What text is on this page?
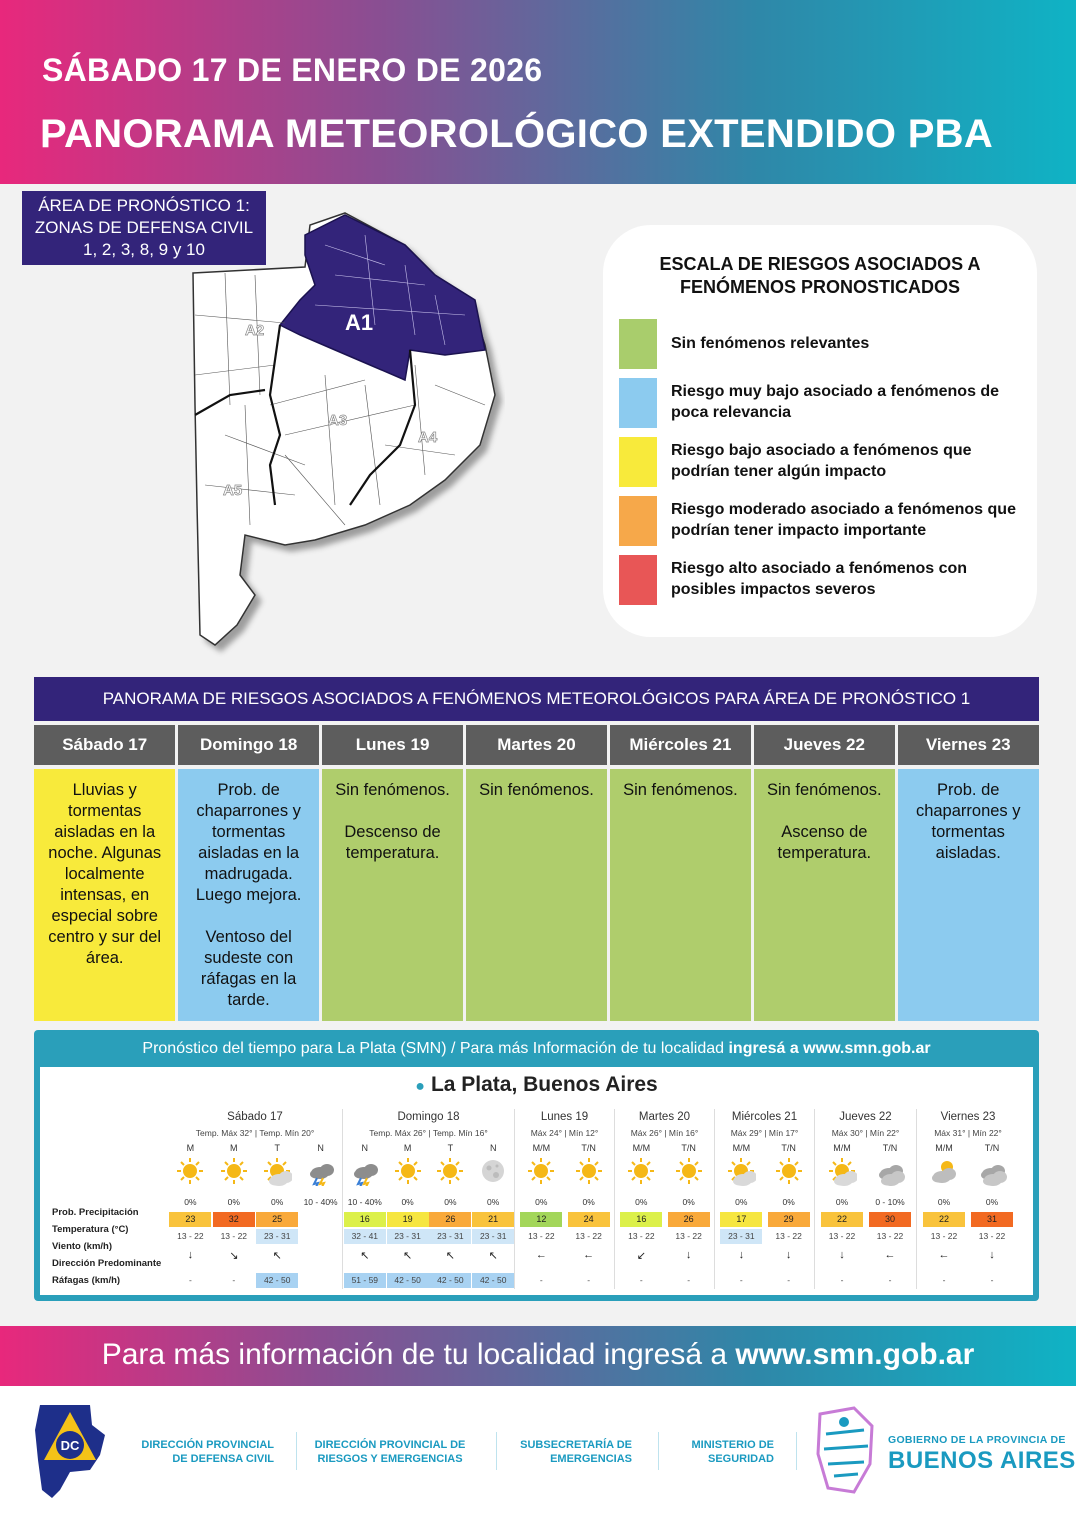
SÁBADO 17 DE ENERO DE 2026
PANORAMA METEOROLÓGICO EXTENDIDO PBA
ÁREA DE PRONÓSTICO 1:
ZONAS DE DEFENSA CIVIL
1, 2, 3, 8, 9 y 10
A1
A2
A3
A4
A5
ESCALA DE RIESGOS ASOCIADOS A
FENÓMENOS PRONOSTICADOS
Sin fenómenos relevantes
Riesgo muy bajo asociado a fenómenos de poca relevancia
Riesgo bajo asociado a fenómenos que podrían tener algún impacto
Riesgo moderado asociado a fenómenos que podrían tener impacto importante
Riesgo alto asociado a fenómenos con posibles impactos severos
PANORAMA DE RIESGOS ASOCIADOS A FENÓMENOS METEOROLÓGICOS PARA ÁREA DE PRONÓSTICO 1
Sábado 17
Lluvias y tormentas aisladas en la noche. Algunas localmente intensas, en especial sobre centro y sur del área.
Domingo 18
Prob. de chaparrones y tormentas aisladas en la madrugada. Luego mejora.

Ventoso del sudeste con ráfagas en la tarde.
Lunes 19
Sin fenómenos.

Descenso de temperatura.
Martes 20
Sin fenómenos.
Miércoles 21
Sin fenómenos.
Jueves 22
Sin fenómenos.

Ascenso de temperatura.
Viernes 23
Prob. de chaparrones y tormentas aisladas.
Pronóstico del tiempo para La Plata (SMN) / Para más Información de tu localidad ingresá a www.smn.gob.ar
● La Plata, Buenos Aires
Prob. Precipitación
Temperatura (°C)
Viento (km/h)
Dirección Predominante
Ráfagas (km/h)
Sábado 17
Temp. Máx 32° | Temp. Mín 20°
M
0%
23
13 - 22
↓
-
M
0%
32
13 - 22
↘
-
T
0%
25
23 - 31
↖
42 - 50
N
10 - 40%
Domingo 18
Temp. Máx 26° | Temp. Mín 16°
N
10 - 40%
16
32 - 41
↖
51 - 59
M
0%
19
23 - 31
↖
42 - 50
T
0%
26
23 - 31
↖
42 - 50
N
0%
21
23 - 31
↖
42 - 50
Lunes 19
Máx 24° | Mín 12°
M/M
0%
12
13 - 22
←
-
T/N
0%
24
13 - 22
←
-
Martes 20
Máx 26° | Mín 16°
M/M
0%
16
13 - 22
↙
-
T/N
0%
26
13 - 22
↓
-
Miércoles 21
Máx 29° | Mín 17°
M/M
0%
17
23 - 31
↓
-
T/N
0%
29
13 - 22
↓
-
Jueves 22
Máx 30° | Mín 22°
M/M
0%
22
13 - 22
↓
-
T/N
0 - 10%
30
13 - 22
←
-
Viernes 23
Máx 31° | Mín 22°
M/M
0%
22
13 - 22
←
-
T/N
0%
31
13 - 22
↓
-
Para más información de tu localidad ingresá a www.smn.gob.ar
DC	DIRECCIÓN PROVINCIAL
DE DEFENSA CIVIL
DIRECCIÓN PROVINCIAL DE
RIESGOS Y EMERGENCIAS
SUBSECRETARÍA DE
EMERGENCIAS
MINISTERIO DE
SEGURIDAD
GOBIERNO DE LA PROVINCIA DE
BUENOS AIRES
